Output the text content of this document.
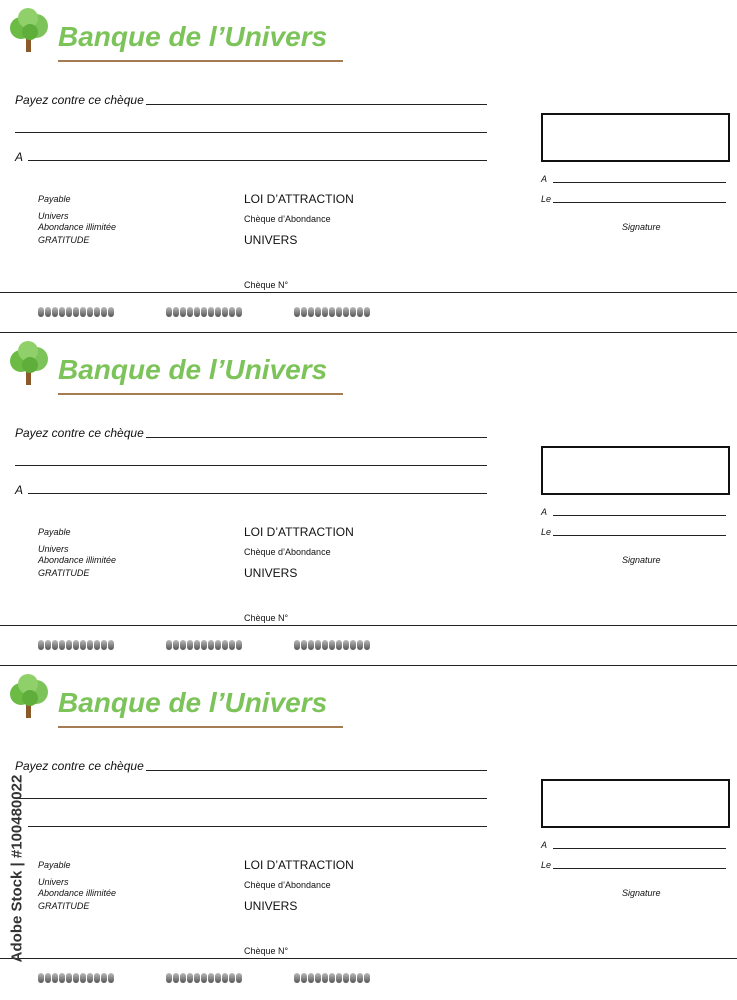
Banque de l’Univers
Payez contre ce chèque
A
A
Le
Signature
Payable
Univers
Abondance illimitée
GRATITUDE
LOI D’ATTRACTION
Chèque d’Abondance
UNIVERS
Chèque N°
Banque de l’Univers
Payez contre ce chèque
A
A
Le
Signature
Payable
Univers
Abondance illimitée
GRATITUDE
LOI D’ATTRACTION
Chèque d’Abondance
UNIVERS
Chèque N°
Banque de l’Univers
Payez contre ce chèque
A
Le
Signature
Payable
Univers
Abondance illimitée
GRATITUDE
LOI D’ATTRACTION
Chèque d’Abondance
UNIVERS
Chèque N°
Adobe Stock | #100480022
